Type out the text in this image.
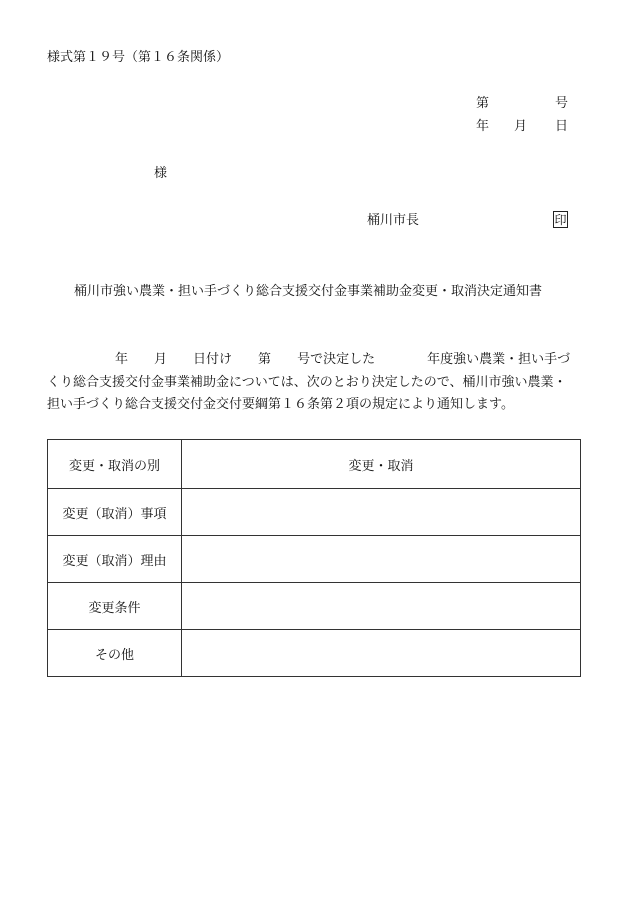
様式第１９号（第１６条関係）
第	号
年 月 日
様
桶川市長	印
桶川市強い農業・担い手づくり総合支援交付金事業補助金変更・取消決定通知書
年 月 日付け 第 号で決定した	年度強い農業・担い手づ
くり総合支援交付金事業補助金については、次のとおり決定したので、桶川市強い農業・
担い手づくり総合支援交付金交付要綱第１６条第２項の規定により通知します。
変更・取消の別	変更・取消
変更（取消）事項	
変更（取消）理由	
変更条件	
その他	
